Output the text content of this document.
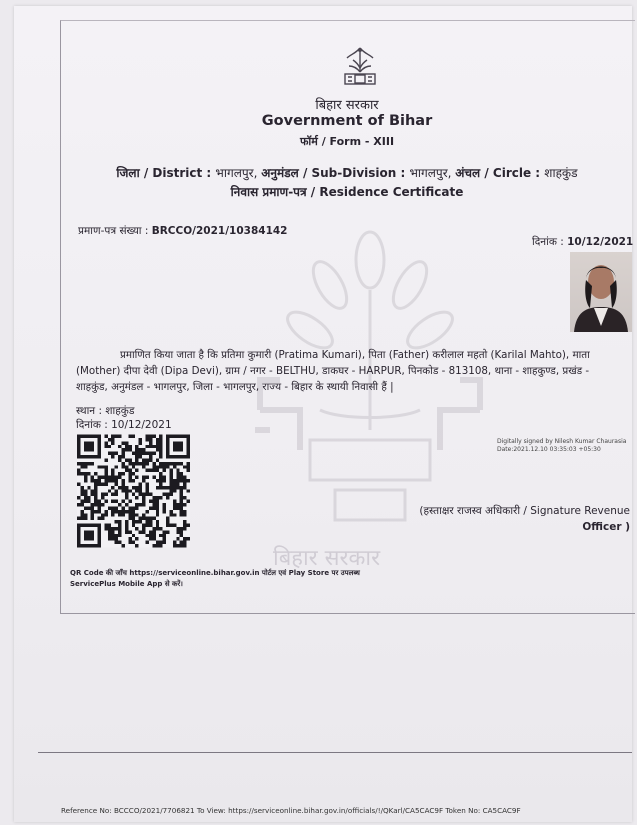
बिहार सरकार
बिहार सरकार
Government of Bihar
फॉर्म / Form - XIII
जिला / District : भागलपुर, अनुमंडल / Sub-Division : भागलपुर, अंचल / Circle : शाहकुंड
निवास प्रमाण-पत्र / Residence Certificate
प्रमाण-पत्र संख्या : BRCCO/2021/10384142
दिनांक : 10/12/2021

प्रमाणित किया जाता है कि प्रतिमा कुमारी (Pratima Kumari), पिता (Father) करीलाल महतो (Karilal Mahto), माता

(Mother) दीपा देवी (Dipa Devi), ग्राम / नगर - BELTHU, डाकघर - HARPUR, पिनकोड - 813108, थाना - शाहकुण्ड, प्रखंड -

शाहकुंड, अनुमंडल - भागलपुर, जिला - भागलपुर, राज्य - बिहार के स्थायी निवासी हैं |

स्थान : शाहकुंड
दिनांक : 10/12/2021
Digitally signed by Nilesh Kumar Chaurasia
Date:2021.12.10 03:35:03 +05:30
(हस्ताक्षर राजस्व अधिकारी / Signature Revenue
Officer )
QR Code की जाँच https://serviceonline.bihar.gov.in पोर्टल एवं Play Store पर उपलब्ध
ServicePlus Mobile App से करें।
Reference No: BCCCO/2021/7706821 To View: https://serviceonline.bihar.gov.in/officials/!/QKarl/CA5CAC9F Token No: CA5CAC9F
